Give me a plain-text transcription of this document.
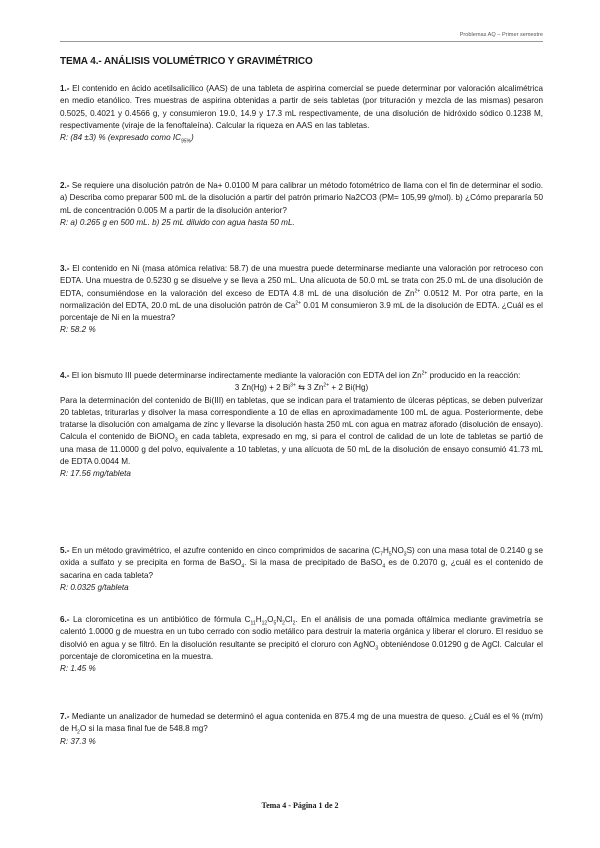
Problemas AQ – Primer semestre
TEMA 4.- ANÁLISIS VOLUMÉTRICO Y GRAVIMÉTRICO

1.- El contenido en ácido acetilsalicílico (AAS) de una tableta de aspirina comercial se puede determinar por valoración alcalimétrica en medio etanólico. Tres muestras de aspirina obtenidas a partir de seis tabletas (por trituración y mezcla de las mismas) pesaron 0.5025, 0.4021 y 0.4566 g, y consumieron 19.0, 14.9 y 17.3 mL respectivamente, de una disolución de hidróxido sódico 0.1238 M, respectivamente (viraje de la fenoftaleína). Calcular la riqueza en AAS en las tabletas.

R: (84 ±3) % (expresado como $IC_{95\%}$)

2.- Se requiere una disolución patrón de Na+ 0.0100 M para calibrar un método fotométrico de llama con el fin de determinar el sodio. a) Describa como preparar 500 mL de la disolución a partir del patrón primario Na2CO3 (PM= 105,99 g/mol). b) ¿Cómo prepararía 50 mL de concentración 0.005 M a partir de la disolución anterior?

R: a) 0.265 g en 500 mL. b) 25 mL diluido con agua hasta 50 mL.

3.- El contenido en Ni (masa atómica relativa: 58.7) de una muestra puede determinarse mediante una valoración por retroceso con EDTA. Una muestra de 0.5230 g se disuelve y se lleva a 250 mL. Una alícuota de 50.0 mL se trata con 25.0 mL de una disolución de EDTA, consumiéndose en la valoración del exceso de EDTA 4.8 mL de una disolución de $Zn^{2+}$ 0.0512 M. Por otra parte, en la normalización del EDTA, 20.0 mL de una disolución patrón de $Ca^{2+}$ 0.01 M consumieron 3.9 mL de la disolución de EDTA. ¿Cuál es el porcentaje de Ni en la muestra?

R: 58.2 %

4.- El ion bismuto III puede determinarse indirectamente mediante la valoración con EDTA del ion $Zn^{2+}$ producido en la reacción:

3 Zn(Hg) + 2 $Bi^{3+}$ ⇆ 3 $Zn^{2+} + 2$ Bi(Hg)

Para la determinación del contenido de Bi(III) en tabletas, que se indican para el tratamiento de úlceras pépticas, se deben pulverizar 20 tabletas, triturarlas y disolver la masa correspondiente a 10 de ellas en aproximadamente 100 mL de agua. Posteriormente, debe tratarse la disolución con amalgama de zinc y llevarse la disolución hasta 250 mL con agua en matraz aforado (disolución de ensayo). Calcula el contenido de BiONO$_3$ en cada tableta, expresado en mg, si para el control de calidad de un lote de tabletas se partió de una masa de 11.0000 g del polvo, equivalente a 10 tabletas, y una alícuota de 50 mL de la disolución de ensayo consumió 41.73 mL de EDTA 0.0044 M.

R: 17.56 mg/tableta

5.- En un método gravimétrico, el azufre contenido en cinco comprimidos de sacarina $(C_7H_5NO_3S)$ con una masa total de 0.2140 g se oxida a sulfato y se precipita en forma de BaSO$_4$. Si la masa de precipitado de BaSO$_4$ es de 0.2070 g, ¿cuál es el contenido de sacarina en cada tableta?

R: 0.0325 g/tableta

6.- La cloromicetina es un antibiótico de fórmula $C_{11}H_{12}O_5N_2Cl_2$. En el análisis de una pomada oftálmica mediante gravimetría se calentó 1.0000 g de muestra en un tubo cerrado con sodio metálico para destruir la materia orgánica y liberar el cloruro. El residuo se disolvió en agua y se filtró. En la disolución resultante se precipitó el cloruro con AgNO$_3$ obteniéndose 0.01290 g de AgCl. Calcular el porcentaje de cloromicetina en la muestra.

R: 1.45 %

7.- Mediante un analizador de humedad se determinó el agua contenida en 875.4 mg de una muestra de queso. ¿Cuál es el % (m/m) de $H_2O$ si la masa final fue de 548.8 mg?

R: 37.3 %

Tema 4 - Página 1 de 2
